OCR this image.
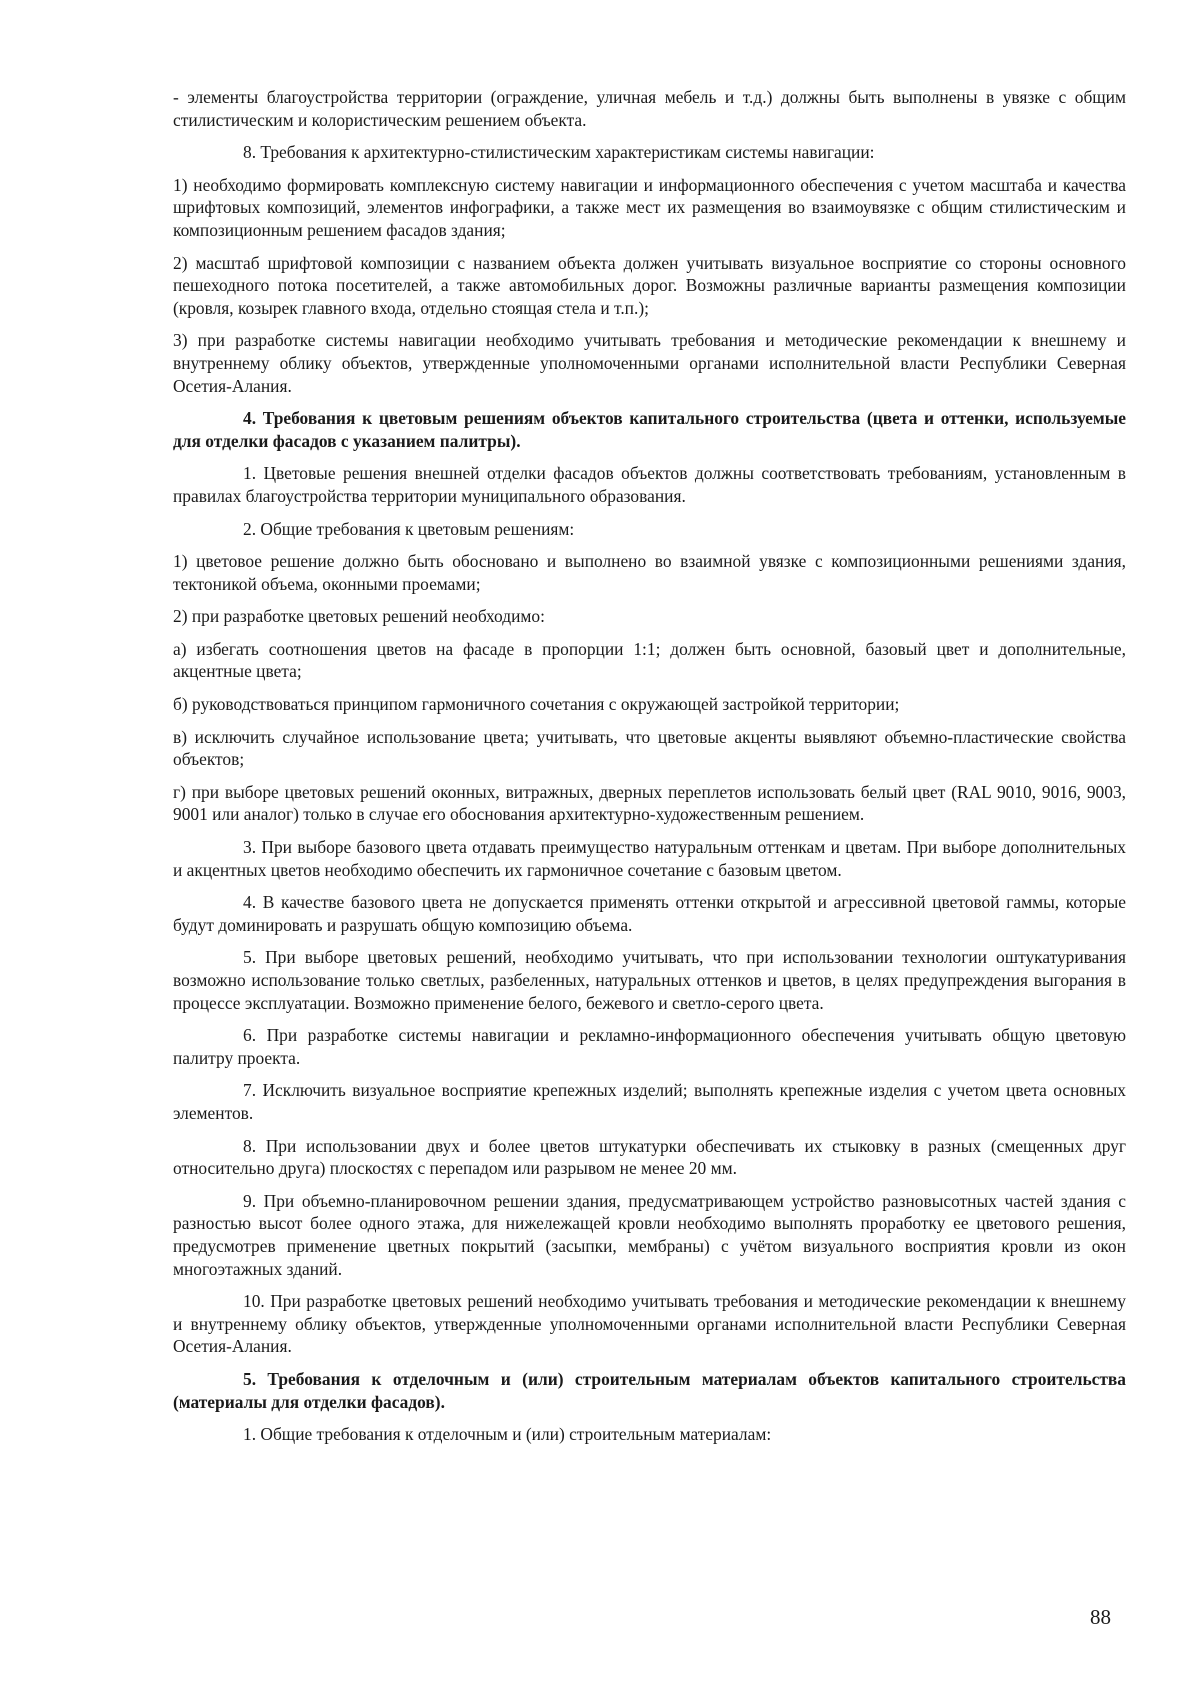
- элементы благоустройства территории (ограждение, уличная мебель и т.д.) должны быть выполнены в увязке с общим стилистическим и колористическим решением объекта.

8. Требования к архитектурно-стилистическим характеристикам системы навигации:

1) необходимо формировать комплексную систему навигации и информационного обеспечения с учетом масштаба и качества шрифтовых композиций, элементов инфографики, а также мест их размещения во взаимоувязке с общим стилистическим и композиционным решением фасадов здания;

2) масштаб шрифтовой композиции с названием объекта должен учитывать визуальное восприятие со стороны основного пешеходного потока посетителей, а также автомобильных дорог. Возможны различные варианты размещения композиции (кровля, козырек главного входа, отдельно стоящая стела и т.п.);

3) при разработке системы навигации необходимо учитывать требования и методические рекомендации к внешнему и внутреннему облику объектов, утвержденные уполномоченными органами исполнительной власти Республики Северная Осетия-Алания.

4. Требования к цветовым решениям объектов капитального строительства (цвета и оттенки, используемые для отделки фасадов с указанием палитры).

1. Цветовые решения внешней отделки фасадов объектов должны соответствовать требованиям, установленным в правилах благоустройства территории муниципального образования.

2. Общие требования к цветовым решениям:

1) цветовое решение должно быть обосновано и выполнено во взаимной увязке с композиционными решениями здания, тектоникой объема, оконными проемами;

2) при разработке цветовых решений необходимо:

а) избегать соотношения цветов на фасаде в пропорции 1:1; должен быть основной, базовый цвет и дополнительные, акцентные цвета;

б) руководствоваться принципом гармоничного сочетания с окружающей застройкой территории;

в) исключить случайное использование цвета; учитывать, что цветовые акценты выявляют объемно-пластические свойства объектов;

г) при выборе цветовых решений оконных, витражных, дверных переплетов использовать белый цвет (RAL 9010, 9016, 9003, 9001 или аналог) только в случае его обоснования архитектурно-художественным решением.

3. При выборе базового цвета отдавать преимущество натуральным оттенкам и цветам. При выборе дополнительных и акцентных цветов необходимо обеспечить их гармоничное сочетание с базовым цветом.

4. В качестве базового цвета не допускается применять оттенки открытой и агрессивной цветовой гаммы, которые будут доминировать и разрушать общую композицию объема.

5. При выборе цветовых решений, необходимо учитывать, что при использовании технологии оштукатуривания возможно использование только светлых, разбеленных, натуральных оттенков и цветов, в целях предупреждения выгорания в процессе эксплуатации. Возможно применение белого, бежевого и светло-серого цвета.

6. При разработке системы навигации и рекламно-информационного обеспечения учитывать общую цветовую палитру проекта.

7. Исключить визуальное восприятие крепежных изделий; выполнять крепежные изделия с учетом цвета основных элементов.

8. При использовании двух и более цветов штукатурки обеспечивать их стыковку в разных (смещенных друг относительно друга) плоскостях с перепадом или разрывом не менее 20 мм.

9. При объемно-планировочном решении здания, предусматривающем устройство разновысотных частей здания с разностью высот более одного этажа, для нижележащей кровли необходимо выполнять проработку ее цветового решения, предусмотрев применение цветных покрытий (засыпки, мембраны) с учётом визуального восприятия кровли из окон многоэтажных зданий.

10. При разработке цветовых решений необходимо учитывать требования и методические рекомендации к внешнему и внутреннему облику объектов, утвержденные уполномоченными органами исполнительной власти Республики Северная Осетия-Алания.

5. Требования к отделочным и (или) строительным материалам объектов капитального строительства (материалы для отделки фасадов).

1. Общие требования к отделочным и (или) строительным материалам:

88
